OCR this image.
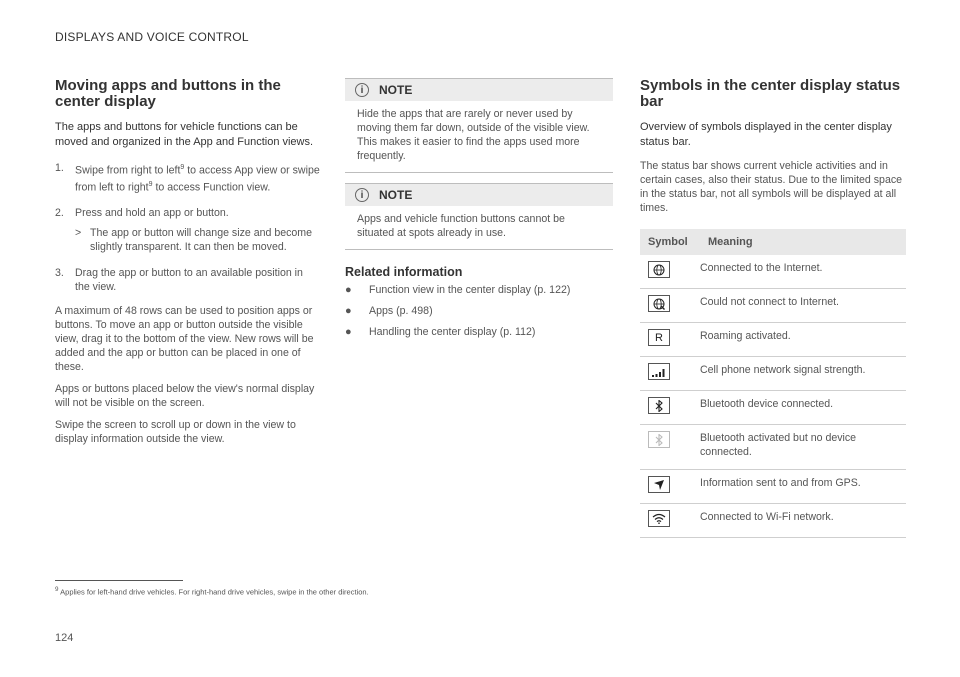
DISPLAYS AND VOICE CONTROL
Moving apps and buttons in the center display

The apps and buttons for vehicle functions can be moved and organized in the App and Function views.

1.	Swipe from right to left$^9$ to access App view or swipe from left to right$^9$ to access Function view.
2.	Press and hold an app or button.
> The app or button will change size and become slightly transparent. It can then be moved.
3.	Drag the app or button to an available position in the view.

A maximum of 48 rows can be used to position apps or buttons. To move an app or button outside the visible view, drag it to the bottom of the view. New rows will be added and the app or button can be placed in one of these.

Apps or buttons placed below the view's normal display will not be visible on the screen.

Swipe the screen to scroll up or down in the view to display information outside the view.

i	NOTE
Hide the apps that are rarely or never used by moving them far down, outside of the visible view. This makes it easier to find the apps used more frequently.
i	NOTE
Apps and vehicle function buttons cannot be situated at spots already in use.
Related information
●	Function view in the center display (p. 122)
●	Apps (p. 498)
●	Handling the center display (p. 112)
Symbols in the center display status bar

Overview of symbols displayed in the center display status bar.

The status bar shows current vehicle activities and in certain cases, also their status. Due to the limited space in the status bar, not all symbols will be displayed at all times.

Symbol	Meaning

	Connected to the Internet.

	Could not connect to Internet.

R	Roaming activated.

	Cell phone network signal strength.

	Bluetooth device connected.

	Bluetooth activated but no device connected.

	Information sent to and from GPS.

	Connected to Wi-Fi network.
$^9$ Applies for left-hand drive vehicles. For right-hand drive vehicles, swipe in the other direction.
124
